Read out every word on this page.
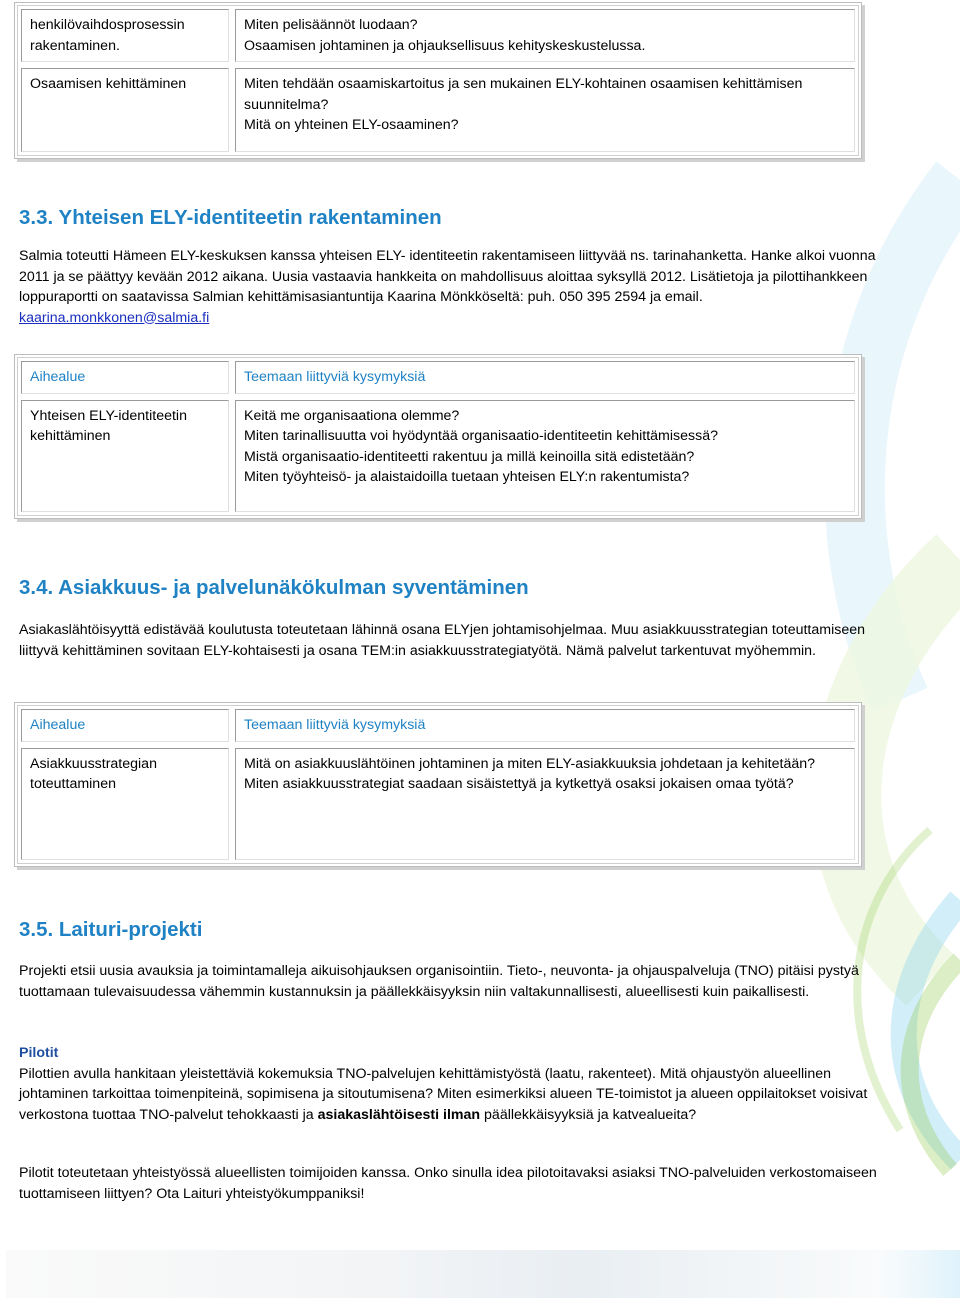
henkilövaihdosprosessin rakentaminen.	Miten pelisäännöt luodaan?
Osaamisen johtaminen ja ohjauksellisuus kehityskeskustelussa.

Osaamisen kehittäminen	Miten tehdään osaamiskartoitus ja sen mukainen ELY-kohtainen osaamisen kehittämisen suunnitelma?
Mitä on yhteinen ELY-osaaminen?
3.3. Yhteisen ELY-identiteetin rakentaminen

Salmia toteutti Hämeen ELY-keskuksen kanssa yhteisen ELY- identiteetin rakentamiseen liittyvää ns. tarinahanketta. Hanke alkoi vuonna 2011 ja se päättyy kevään 2012 aikana. Uusia vastaavia hankkeita on mahdollisuus aloittaa syksyllä 2012. Lisätietoja ja pilottihankkeen loppuraportti on saatavissa Salmian kehittämisasiantuntija Kaarina Mönkköseltä: puh. 050 395 2594 ja email. kaarina.monkkonen@salmia.fi

Aihealue	Teemaan liittyviä kysymyksiä
Yhteisen ELY-identiteetin kehittäminen	Keitä me organisaationa olemme?
Miten tarinallisuutta voi hyödyntää organisaatio-identiteetin kehittämisessä?
Mistä organisaatio-identiteetti rakentuu ja millä keinoilla sitä edistetään?
Miten työyhteisö- ja alaistaidoilla tuetaan yhteisen ELY:n rakentumista?
3.4. Asiakkuus- ja palvelunäkökulman syventäminen

Asiakaslähtöisyyttä edistävää koulutusta toteutetaan lähinnä osana ELYjen johtamisohjelmaa. Muu asiakkuusstrategian toteuttamiseen liittyvä kehittäminen sovitaan ELY-kohtaisesti ja osana TEM:in asiakkuusstrategiatyötä. Nämä palvelut tarkentuvat myöhemmin.

Aihealue	Teemaan liittyviä kysymyksiä
Asiakkuusstrategian toteuttaminen	Mitä on asiakkuuslähtöinen johtaminen ja miten ELY-asiakkuuksia johdetaan ja kehitetään?
Miten asiakkuusstrategiat saadaan sisäistettyä ja kytkettyä osaksi jokaisen omaa työtä?
3.5. Laituri-projekti

Projekti etsii uusia avauksia ja toimintamalleja aikuisohjauksen organisointiin. Tieto-, neuvonta- ja ohjauspalveluja (TNO) pitäisi pystyä tuottamaan tulevaisuudessa vähemmin kustannuksin ja päällekkäisyyksin niin valtakunnallisesti, alueellisesti kuin paikallisesti.

Pilotit

Pilottien avulla hankitaan yleistettäviä kokemuksia TNO-palvelujen kehittämistyöstä (laatu, rakenteet). Mitä ohjaustyön alueellinen johtaminen tarkoittaa toimenpiteinä, sopimisena ja sitoutumisena? Miten esimerkiksi alueen TE-toimistot ja alueen oppilaitokset voisivat verkostona tuottaa TNO-palvelut tehokkaasti ja asiakaslähtöisesti ilman päällekkäisyyksiä ja katvealueita?

Pilotit toteutetaan yhteistyössä alueellisten toimijoiden kanssa. Onko sinulla idea pilotoitavaksi asiaksi TNO-palveluiden verkostomaiseen tuottamiseen liittyen? Ota Laituri yhteistyökumppaniksi!
